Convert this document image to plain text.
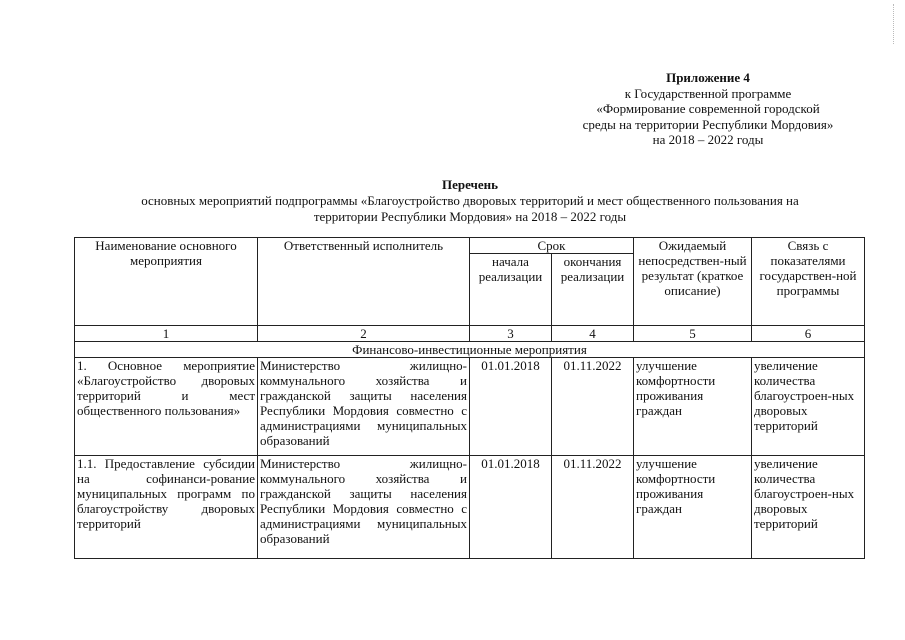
Приложение 4
к Государственной программе
«Формирование современной городской
среды на территории Республики Мордовия»
на 2018 – 2022 годы
Перечень
основных мероприятий подпрограммы «Благоустройство дворовых территорий и мест общественного пользования на
территории Республики Мордовия» на 2018 – 2022 годы
Наименование основного мероприятия	Ответственный исполнитель	Срок		Ожидаемый непосредствен-ный результат (краткое описание)	Связь с показателями государствен-ной программы
		начала реализации	окончания реализации		
1	2	3	4	5	6
Финансово-инвестиционные мероприятия					
1. Основное мероприятие «Благоустройство дворовых территорий и мест общественного пользования»	Министерство жилищно-коммунального хозяйства и гражданской защиты населения Республики Мордовия совместно с администрациями муниципальных образований	01.01.2018	01.11.2022	улучшение комфортности проживания граждан	увеличение количества благоустроен-ных дворовых территорий
1.1. Предоставление субсидии на софинанси-рование муниципальных программ по благоустройству дворовых территорий	Министерство жилищно-коммунального хозяйства и гражданской защиты населения Республики Мордовия совместно с администрациями муниципальных образований	01.01.2018	01.11.2022	улучшение комфортности проживания граждан	увеличение количества благоустроен-ных дворовых территорий
